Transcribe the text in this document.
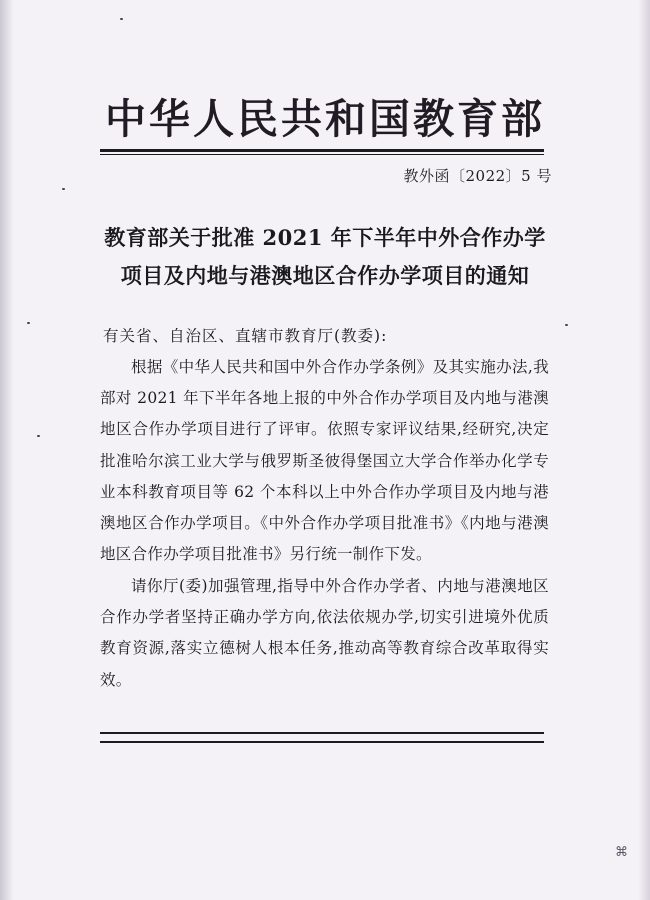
中华人民共和国教育部
教外函〔2022〕5 号
教育部关于批准 2021 年下半年中外合作办学
项目及内地与港澳地区合作办学项目的通知
有关省、自治区、直辖市教育厅(教委):
根据《中华人民共和国中外合作办学条例》及其实施办法,我部对 2021 年下半年各地上报的中外合作办学项目及内地与港澳地区合作办学项目进行了评审。依照专家评议结果,经研究,决定批准哈尔滨工业大学与俄罗斯圣彼得堡国立大学合作举办化学专业本科教育项目等 62 个本科以上中外合作办学项目及内地与港澳地区合作办学项目。《中外合作办学项目批准书》《内地与港澳地区合作办学项目批准书》另行统一制作下发。
请你厅(委)加强管理,指导中外合作办学者、内地与港澳地区合作办学者坚持正确办学方向,依法依规办学,切实引进境外优质教育资源,落实立德树人根本任务,推动高等教育综合改革取得实效。
⌘
